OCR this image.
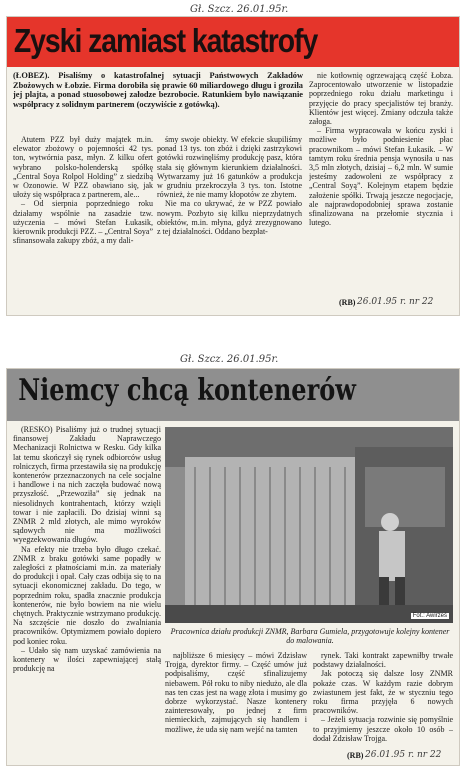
Gł. Szcz. 26.01.95r.
Zyski zamiast katastrofy
(ŁOBEZ). Pisaliśmy o katastrofalnej sytuacji Państwowych Zakładów Zbożowych w Łobzie. Firma dorobiła się prawie 60 miliardowego długu i groziła jej plajta, a ponad stuosobowej załodze bezrobocie. Ratunkiem było nawiązanie współpracy z solidnym partnerem (oczywiście z gotówką).

Atutem PZZ był duży majątek m.in. elewator zbożowy o pojemności 42 tys. ton, wytwórnia pasz, młyn. Z kilku ofert wybrano polsko-holenderską spółkę „Central Soya Rolpol Holding” z siedzibą w Ozonowie. W PZZ obawiano się, jak ułoży się współpraca z partnerem, ale...

– Od sierpnia poprzedniego roku działamy wspólnie na zasadzie tzw. użyczenia – mówi Stefan Łukasik, kierownik produkcji PZZ. – „Central Soya” sfinansowała zakupy zbóż, a my dali-

śmy swoje obiekty. W efekcie skupiliśmy ponad 13 tys. ton zbóż i dzięki zastrzykowi gotówki rozwinęliśmy produkcję pasz, która stała się głównym kierunkiem działalności. Wytwarzamy już 16 gatunków a produkcja w grudniu przekroczyła 3 tys. ton. Istotne również, że nie mamy kłopotów ze zbytem.

Nie ma co ukrywać, że w PZZ powiało nowym. Pozbyto się kilku nieprzydatnych obiektów, m.in. młyna, gdyż zrezygnowano z tej działalności. Oddano bezpłat-

nie kotłownię ogrzewającą część Łobza. Zaprocentowało utworzenie w listopadzie poprzedniego roku działu marketingu i przyjęcie do pracy specjalistów tej branży. Klientów jest więcej. Zmiany odczuła także załoga.

– Firma wypracowała w końcu zyski i możliwe było podniesienie płac pracownikom – mówi Stefan Łukasik. – W tamtym roku średnia pensja wynosiła u nas 3,5 mln złotych, dzisiaj – 6,2 mln. W sumie jesteśmy zadowoleni ze współpracy z „Central Soyą”. Kolejnym etapem będzie założenie spółki. Trwają jeszcze negocjacje, ale najprawdopodobniej sprawa zostanie sfinalizowana na przełomie stycznia i lutego.

(RB) 26.01.95 r. nr 22
Gł. Szcz. 26.01.95r.
Niemcy chcą kontenerów

(RESKO) Pisaliśmy już o trudnej sytuacji finansowej Zakładu Naprawczego Mechanizacji Rolnictwa w Resku. Gdy kilka lat temu skończył się rynek odbiorców usług rolniczych, firma przestawiła się na produkcję kontenerów przeznaczonych na cele socjalne i handlowe i na nich zaczęła budować nową przyszłość. „Przewoziła” się jednak na niesolidnych kontrahentach, którzy wzięli towar i nie zapłacili. Do dzisiaj winni są ZNMR 2 mld złotych, ale mimo wyroków sądowych nie ma możliwości wyegzekwowania długów.

Na efekty nie trzeba było długo czekać. ZNMR z braku gotówki same popadły w zaległości z płatnościami m.in. za materiały do produkcji i opał. Cały czas odbija się to na sytuacji ekonomicznej zakładu. Do tego, w poprzednim roku, spadła znacznie produkcja kontenerów, nie było bowiem na nie wielu chętnych. Praktycznie wstrzymano produkcję. Na szczęście nie doszło do zwalniania pracowników. Optymizmem powiało dopiero pod koniec roku.

– Udało się nam uzyskać zamówienia na kontenery w ilości zapewniającej stałą produkcję na

Fot.: Awirześ
Pracownica działu produkcji ZNMR, Barbara Gumiela, przygotowuje kolejny kontener do malowania.

najbliższe 6 miesięcy – mówi Zdzisław Trojga, dyrektor firmy. – Część umów już podpisaliśmy, część sfinalizujemy niebawem. Pół roku to niby niedużo, ale dla nas ten czas jest na wagę złota i musimy go dobrze wykorzystać. Nasze kontenery zainteresowały, po jednej z firm niemieckich, zajmujących się handlem i możliwe, że uda się nam wejść na tamten

rynek. Taki kontrakt zapewniłby trwałe podstawy działalności.

Jak potoczą się dalsze losy ZNMR pokaże czas. W każdym razie dobrym zwiastunem jest fakt, że w styczniu tego roku firma przyjęła 6 nowych pracowników.

– Jeżeli sytuacja rozwinie się pomyślnie to przyjmiemy jeszcze około 10 osób – dodał Zdzisław Trojga.

(RB) 26.01.95 r. nr 22
